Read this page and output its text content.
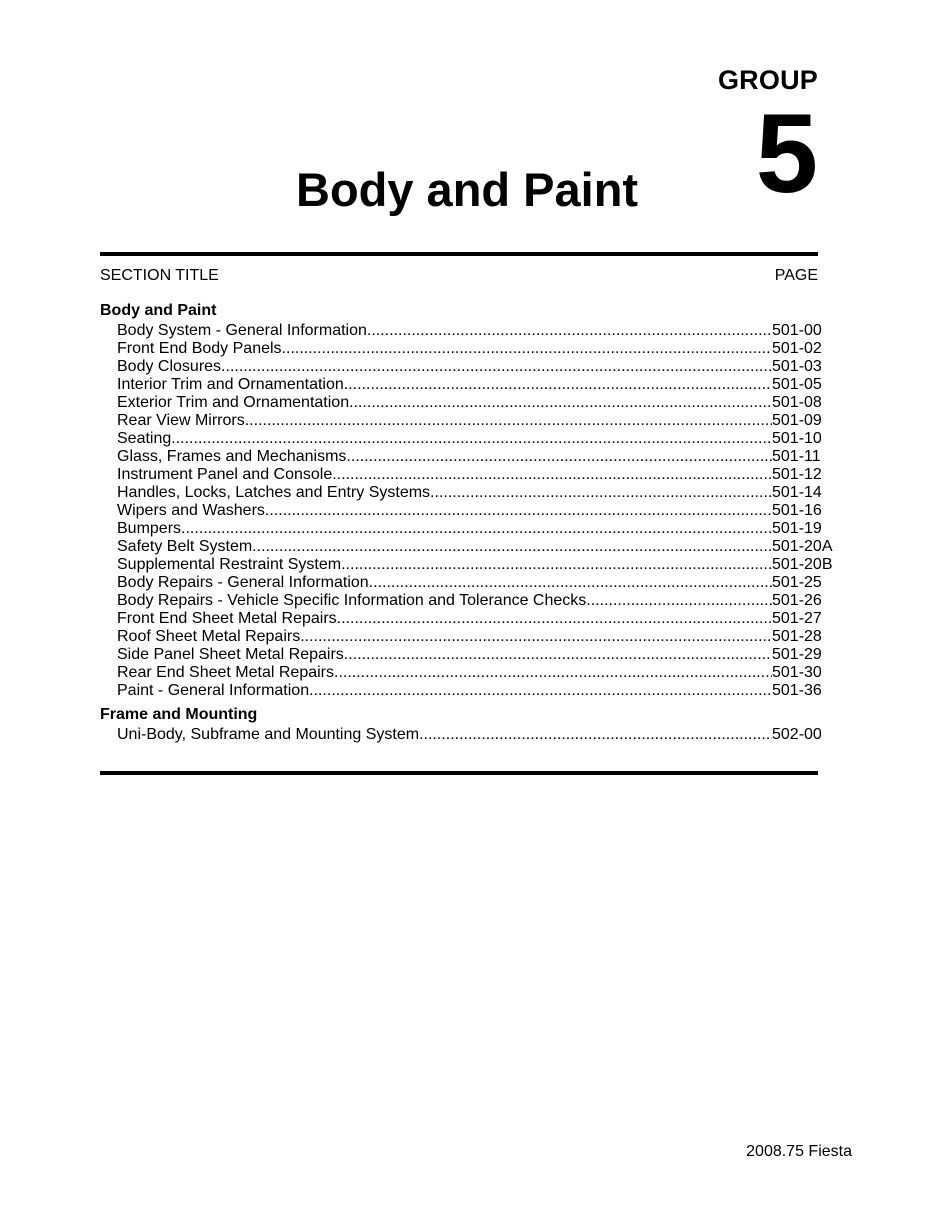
GROUP
5
Body and Paint
SECTION TITLE	PAGE
Body and Paint
Body System - General Information .....	501-00
Front End Body Panels .....	501-02
Body Closures .....	501-03
Interior Trim and Ornamentation .....	501-05
Exterior Trim and Ornamentation .....	501-08
Rear View Mirrors .....	501-09
Seating .....	501-10
Glass, Frames and Mechanisms .....	501-11
Instrument Panel and Console .....	501-12
Handles, Locks, Latches and Entry Systems .....	501-14
Wipers and Washers .....	501-16
Bumpers .....	501-19
Safety Belt System .....	501-20A
Supplemental Restraint System .....	501-20B
Body Repairs - General Information .....	501-25
Body Repairs - Vehicle Specific Information and Tolerance Checks .....	501-26
Front End Sheet Metal Repairs .....	501-27
Roof Sheet Metal Repairs .....	501-28
Side Panel Sheet Metal Repairs .....	501-29
Rear End Sheet Metal Repairs .....	501-30
Paint - General Information .....	501-36
Frame and Mounting
Uni-Body, Subframe and Mounting System .....	502-00
2008.75 Fiesta
